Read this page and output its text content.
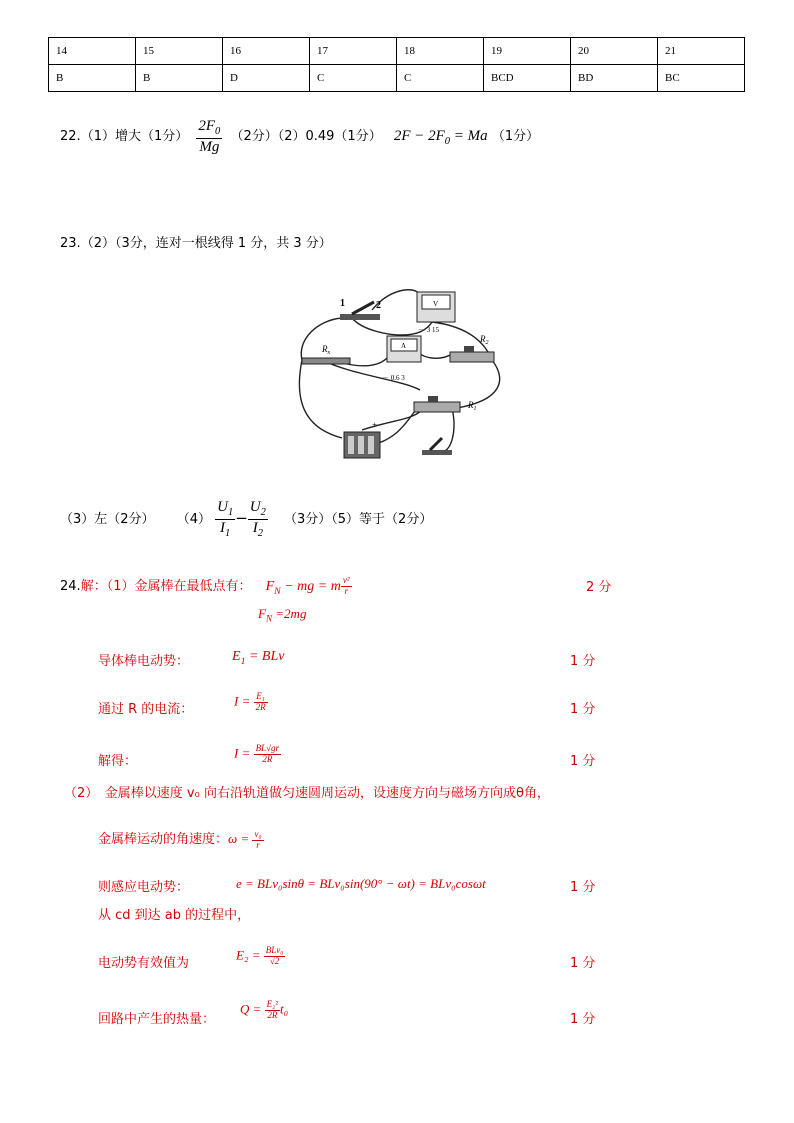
14	15	16	17	18	19	20	21
B	B	D	C	C	BCD	BD	BC
22.（1）增大（1分） $\frac{2F_0}{Mg} (2$分）（2）0.49（1分） $2F - 2F_0 = Ma$ （1分）
23.（2）（3分，连对一根线得 1 分，共 3 分）
1	2	V
－ 3 15
A
－ 0.6 3
$R_x$
$R_2$
$R_1$
+
（3）左（2分） $(4) \frac{U_1}{I_1} - \frac{U_2}{I_2} (3$分）（5）等于（2分）
24.解：（1）金属棒在最低点有： $F_N$ − mg = m $\frac{\text{v²}}{r}$	2 分
$F_N =2mg$
导体棒电动势：	$E_1$ = BLv	1 分
通过 R 的电流：
$I = \frac{\text{E₁}}{2R}$	1 分
解得：
$I = \frac{BL√gr}{2R}$	1 分
（2）　金属棒以速度 v₀ 向右沿轨道做匀速圆周运动，设速度方向与磁场方向成θ角，
金属棒运动的角速度：$\omega = \frac{\text{v₀}}{r}$
则感应电动势：	e = BLv₀sinθ = BLv₀sin(90° − ωt) = BLv₀cosωt	1 分
从 cd 到达 ab 的过程中，
电动势有效值为
$E_2 = \frac{\text{BLv₀}}{√2}$	1 分
回路中产生的热量：
$Q = \frac{\text{E₂²}}{2R} t_0$
1 分
